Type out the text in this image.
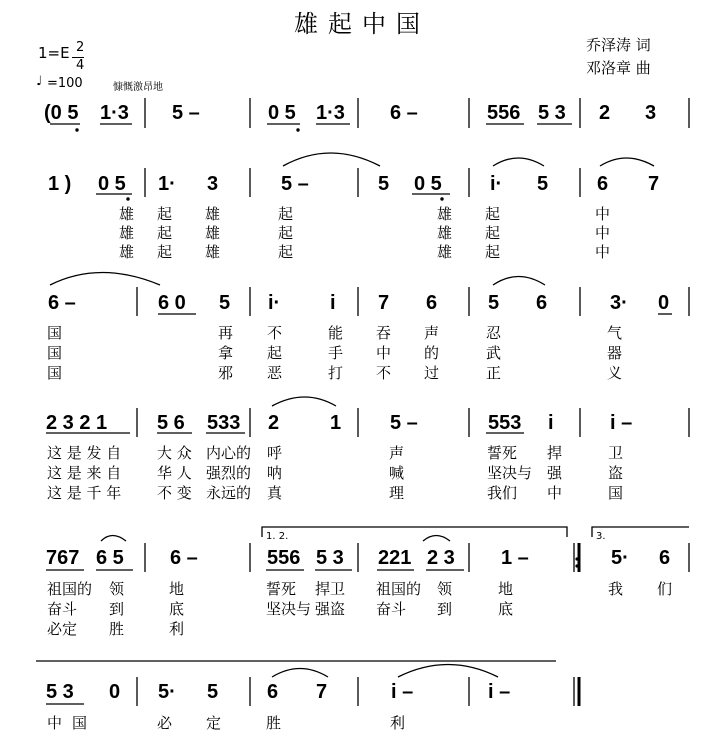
雄起中国
1=E 2
4
♩ =100	慷慨激昂地
乔泽涛 词
邓洛章 曲
(0 5 1·3 5 –	0 5 1·3 6 –	556 5 3 2 3
1 ) 0 5 1· 3	5 –	5 0 5 i· 5 6 7
雄 起 雄	起	雄 起	中
雄 起 雄	起	雄 起	中
雄 起 雄	起	雄 起	中
6 –	6 0 5 i· i 7 6	5 6	3· 0
国	再 不	能 吞 声	忍	气
国	拿 起	手 中 的	武	器
国	邪 恶	打 不 过	正	义
2 3 2 1 5 6 533 2	1 5 –	553 i	i –
这 是 发 自 大 众 内心的 呼	声	誓死 捍	卫
这 是 来 自 华 人 强烈的 呐	喊	坚决与 强	盗
这 是 千 年 不 变 永远的 真	理	我们 中	国
1. 2.	3.
767 6 5 6 –	556 5 3 221 2 3 1 –	5· 6
祖国的 领	地	誓死 捍卫 祖国的 领	地	我 们
奋斗 到	底	坚决与 强盗 奋斗 到	底
必定 胜	利
5 3 0 5· 5 6 7	i –	i –
中 国	必 定	胜	利
